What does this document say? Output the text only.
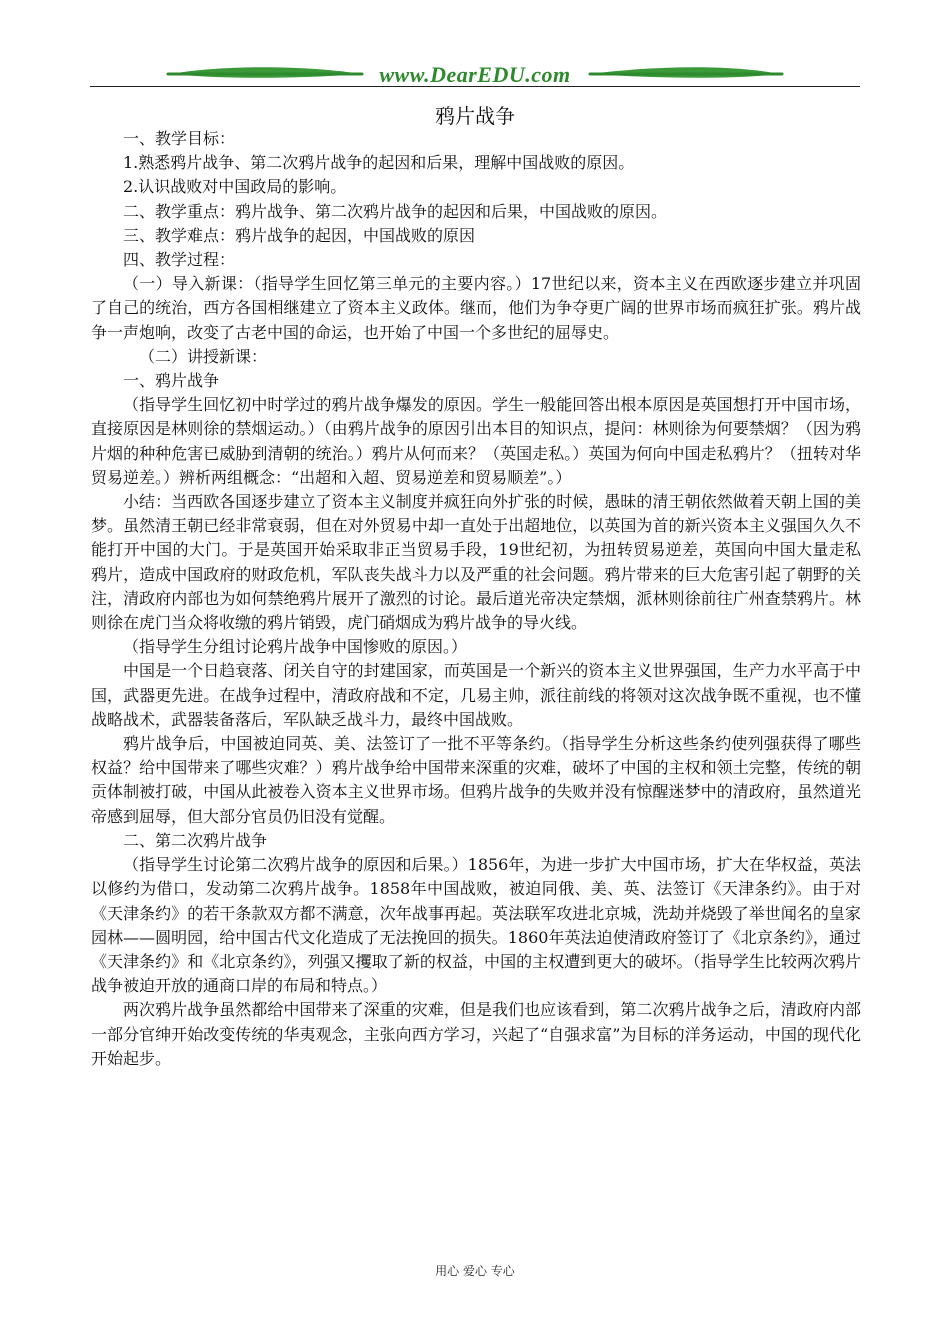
www.DearEDU.com
鸦片战争

一、教学目标：

1.熟悉鸦片战争、第二次鸦片战争的起因和后果，理解中国战败的原因。

2.认识战败对中国政局的影响。

二、教学重点：鸦片战争、第二次鸦片战争的起因和后果，中国战败的原因。

三、教学难点：鸦片战争的起因，中国战败的原因

四、教学过程：

（一）导入新课：（指导学生回忆第三单元的主要内容。）17世纪以来，资本主义在西欧逐步建立并巩固了自己的统治，西方各国相继建立了资本主义政体。继而，他们为争夺更广阔的世界市场而疯狂扩张。鸦片战争一声炮响，改变了古老中国的命运，也开始了中国一个多世纪的屈辱史。

（二）讲授新课：

一、鸦片战争

（指导学生回忆初中时学过的鸦片战争爆发的原因。学生一般能回答出根本原因是英国想打开中国市场，直接原因是林则徐的禁烟运动。）（由鸦片战争的原因引出本目的知识点，提问：林则徐为何要禁烟？（因为鸦片烟的种种危害已威胁到清朝的统治。）鸦片从何而来？（英国走私。）英国为何向中国走私鸦片？（扭转对华贸易逆差。）辨析两组概念：“出超和入超、贸易逆差和贸易顺差”。）

小结：当西欧各国逐步建立了资本主义制度并疯狂向外扩张的时候，愚昧的清王朝依然做着天朝上国的美梦。虽然清王朝已经非常衰弱，但在对外贸易中却一直处于出超地位，以英国为首的新兴资本主义强国久久不能打开中国的大门。于是英国开始采取非正当贸易手段，19世纪初，为扭转贸易逆差，英国向中国大量走私鸦片，造成中国政府的财政危机，军队丧失战斗力以及严重的社会问题。鸦片带来的巨大危害引起了朝野的关注，清政府内部也为如何禁绝鸦片展开了激烈的讨论。最后道光帝决定禁烟，派林则徐前往广州查禁鸦片。林则徐在虎门当众将收缴的鸦片销毁，虎门硝烟成为鸦片战争的导火线。

（指导学生分组讨论鸦片战争中国惨败的原因。）

中国是一个日趋衰落、闭关自守的封建国家，而英国是一个新兴的资本主义世界强国，生产力水平高于中国，武器更先进。在战争过程中，清政府战和不定，几易主帅，派往前线的将领对这次战争既不重视，也不懂战略战术，武器装备落后，军队缺乏战斗力，最终中国战败。

鸦片战争后，中国被迫同英、美、法签订了一批不平等条约。（指导学生分析这些条约使列强获得了哪些权益？给中国带来了哪些灾难？）鸦片战争给中国带来深重的灾难，破坏了中国的主权和领土完整，传统的朝贡体制被打破，中国从此被卷入资本主义世界市场。但鸦片战争的失败并没有惊醒迷梦中的清政府，虽然道光帝感到屈辱，但大部分官员仍旧没有觉醒。

二、第二次鸦片战争

（指导学生讨论第二次鸦片战争的原因和后果。）1856年，为进一步扩大中国市场，扩大在华权益，英法以修约为借口，发动第二次鸦片战争。1858年中国战败，被迫同俄、美、英、法签订《天津条约》。由于对《天津条约》的若干条款双方都不满意，次年战事再起。英法联军攻进北京城，洗劫并烧毁了举世闻名的皇家园林——圆明园，给中国古代文化造成了无法挽回的损失。1860年英法迫使清政府签订了《北京条约》，通过《天津条约》和《北京条约》，列强又攫取了新的权益，中国的主权遭到更大的破坏。（指导学生比较两次鸦片战争被迫开放的通商口岸的布局和特点。）

两次鸦片战争虽然都给中国带来了深重的灾难，但是我们也应该看到，第二次鸦片战争之后，清政府内部一部分官绅开始改变传统的华夷观念，主张向西方学习，兴起了“自强求富”为目标的洋务运动，中国的现代化开始起步。

用心 爱心 专心
